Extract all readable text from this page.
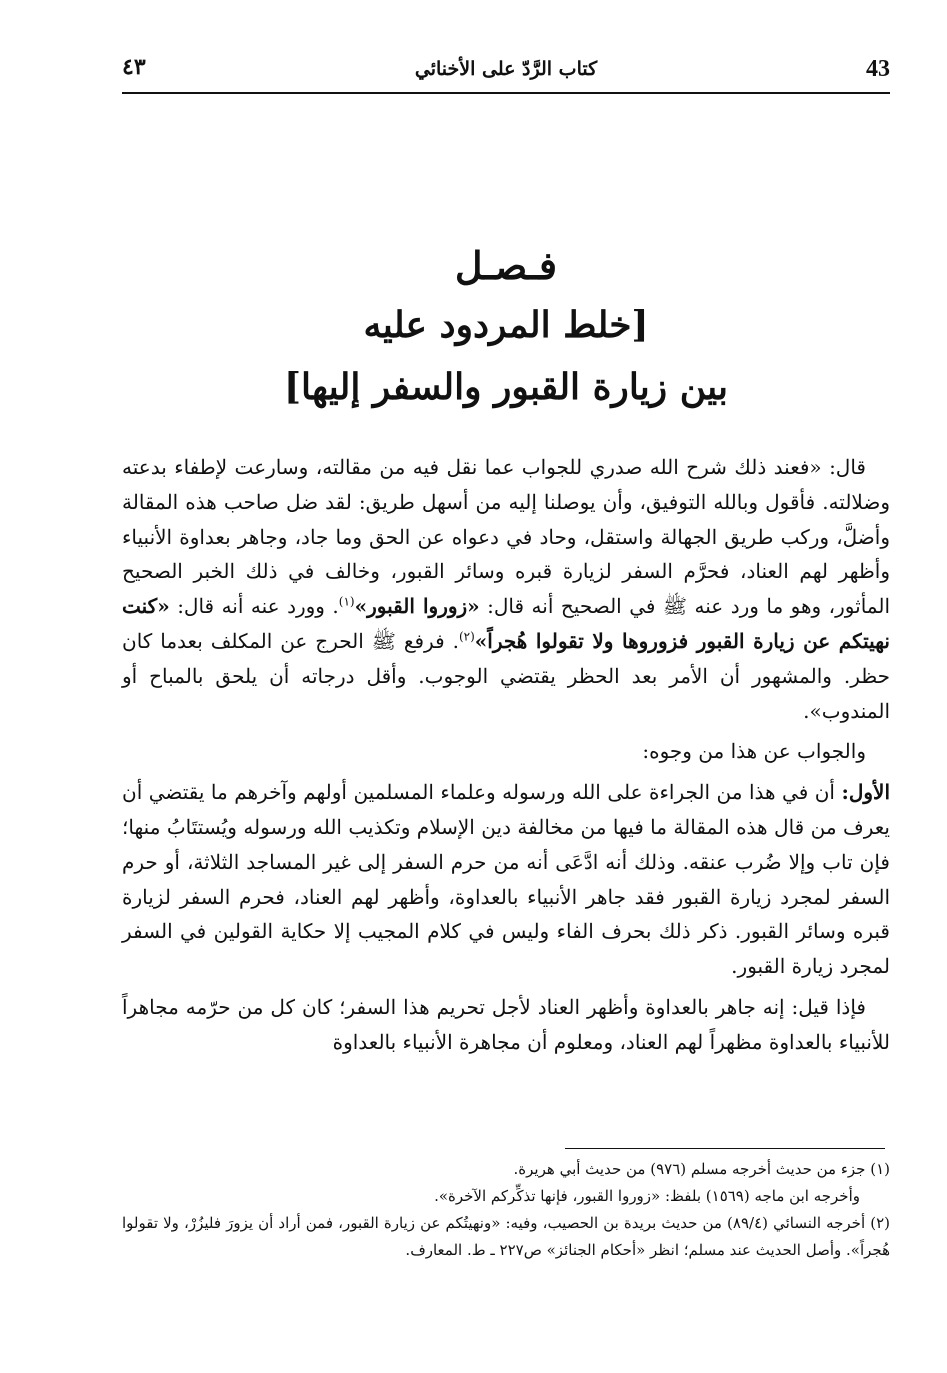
43
٤٣	كتاب الرَّدّ على الأخنائي
فـصـل
[خلط المردود عليه
بين زيارة القبور والسفر إليها]

قال: «فعند ذلك شرح الله صدري للجواب عما نقل فيه من مقالته، وسارعت لإطفاء بدعته وضلالته. فأقول وبالله التوفيق، وأن يوصلنا إليه من أسهل طريق: لقد ضل صاحب هذه المقالة وأضلَّ، وركب طريق الجهالة واستقل، وحاد في دعواه عن الحق وما جاد، وجاهر بعداوة الأنبياء وأظهر لهم العناد، فحرَّم السفر لزيارة قبره وسائر القبور، وخالف في ذلك الخبر الصحيح المأثور، وهو ما ورد عنه ﷺ في الصحيح أنه قال: «زوروا القبور»$^{(١)}$. وورد عنه أنه قال: «كنت نهيتكم عن زيارة القبور فزوروها ولا تقولوا هُجراً»$^{(٢)}$. فرفع ﷺ الحرج عن المكلف بعدما كان حظر. والمشهور أن الأمر بعد الحظر يقتضي الوجوب. وأقل درجاته أن يلحق بالمباح أو المندوب».

والجواب عن هذا من وجوه:

الأول: أن في هذا من الجراءة على الله ورسوله وعلماء المسلمين أولهم وآخرهم ما يقتضي أن يعرف من قال هذه المقالة ما فيها من مخالفة دين الإسلام وتكذيب الله ورسوله ويُستتَابُ منها؛ فإن تاب وإلا ضُرب عنقه. وذلك أنه ادَّعَى أنه من حرم السفر إلى غير المساجد الثلاثة، أو حرم السفر لمجرد زيارة القبور فقد جاهر الأنبياء بالعداوة، وأظهر لهم العناد، فحرم السفر لزيارة قبره وسائر القبور. ذكر ذلك بحرف الفاء وليس في كلام المجيب إلا حكاية القولين في السفر لمجرد زيارة القبور.

فإذا قيل: إنه جاهر بالعداوة وأظهر العناد لأجل تحريم هذا السفر؛ كان كل من حرّمه مجاهراً للأنبياء بالعداوة مظهراً لهم العناد، ومعلوم أن مجاهرة الأنبياء بالعداوة

(١) جزء من حديث أخرجه مسلم (٩٧٦) من حديث أبي هريرة.

وأخرجه ابن ماجه (١٥٦٩) بلفظ: «زوروا القبور، فإنها تذكِّركم الآخرة».

(٢) أخرجه النسائي (٨٩/٤) من حديث بريدة بن الحصيب، وفيه: «ونهيتُكم عن زيارة القبور، فمن أراد أن يزورَ فليزُرْ، ولا تقولوا هُجراً». وأصل الحديث عند مسلم؛ انظر «أحكام الجنائز» ص٢٢٧ ـ ط. المعارف.
